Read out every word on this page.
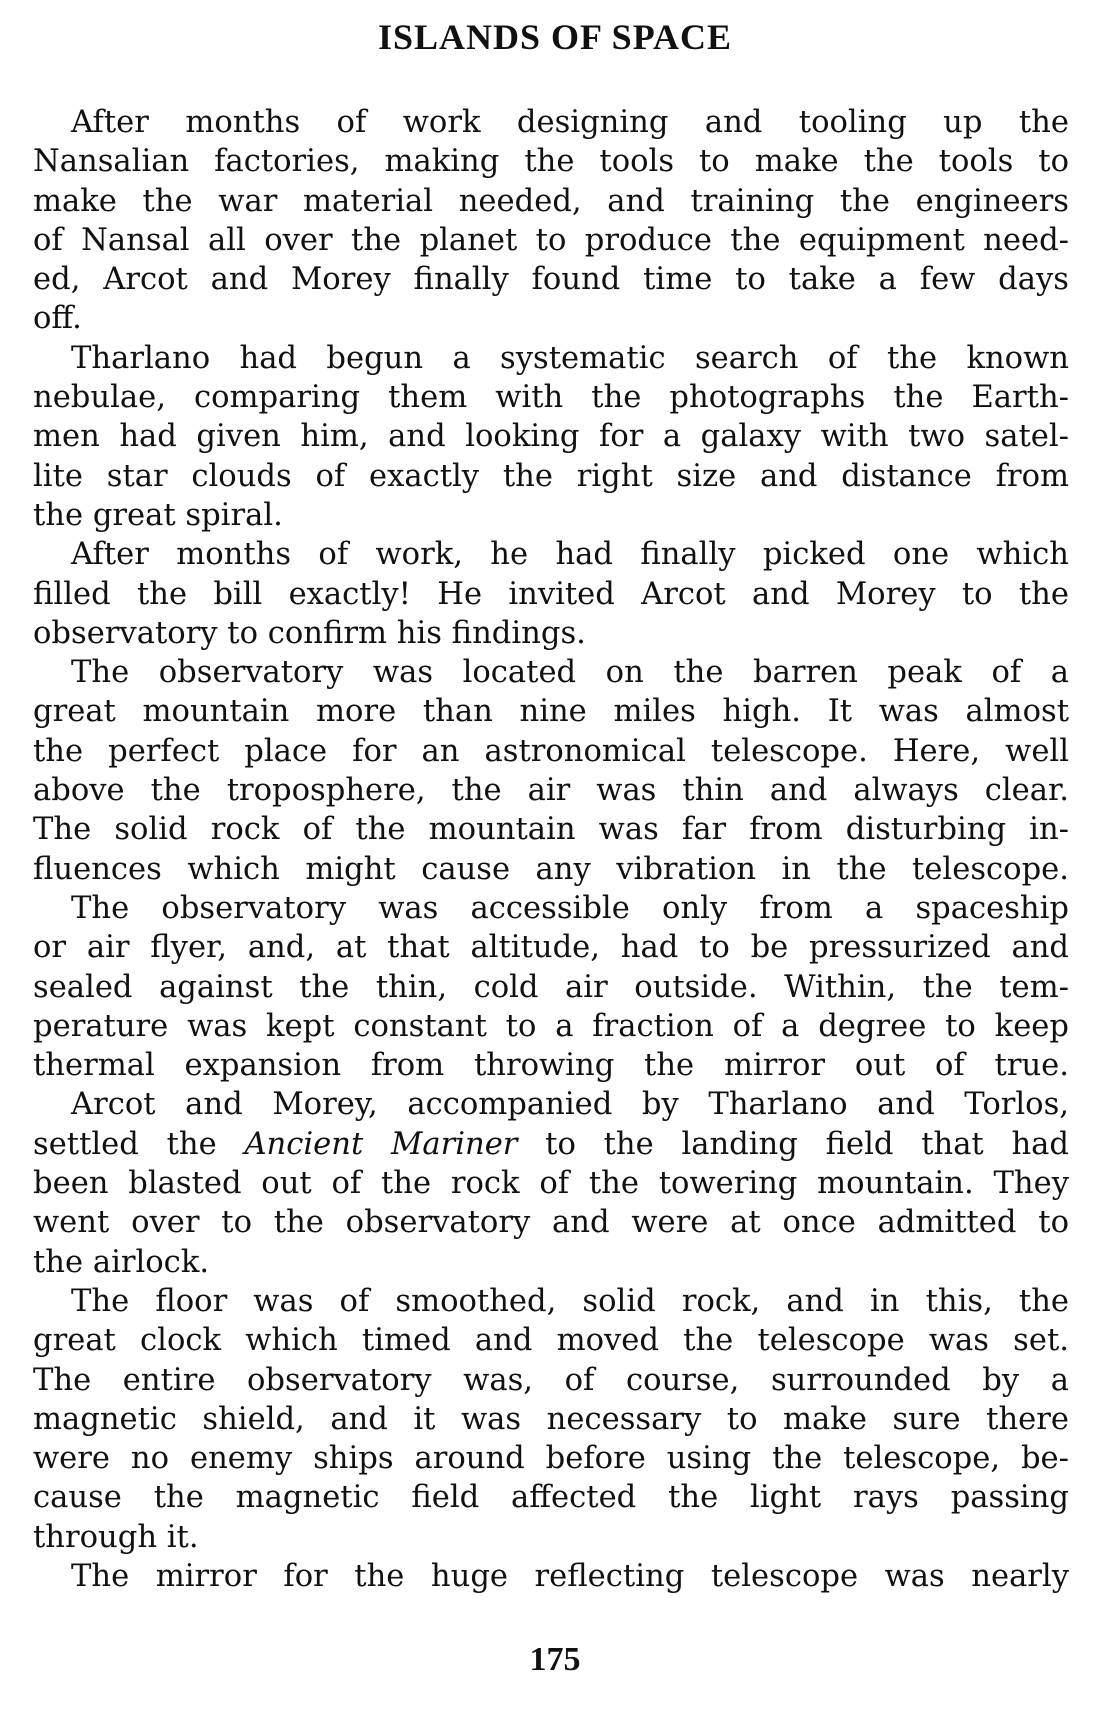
ISLANDS OF SPACE

After months of work designing and tooling up the
Nansalian factories, making the tools to make the tools to
make the war material needed, and training the engineers
of Nansal all over the planet to produce the equipment need-
ed, Arcot and Morey finally found time to take a few days
off.

Tharlano had begun a systematic search of the known
nebulae, comparing them with the photographs the Earth-
men had given him, and looking for a galaxy with two satel-
lite star clouds of exactly the right size and distance from
the great spiral.

After months of work, he had finally picked one which
filled the bill exactly! He invited Arcot and Morey to the
observatory to confirm his findings.

The observatory was located on the barren peak of a
great mountain more than nine miles high. It was almost
the perfect place for an astronomical telescope. Here, well
above the troposphere, the air was thin and always clear.
The solid rock of the mountain was far from disturbing in-
fluences which might cause any vibration in the telescope.

The observatory was accessible only from a spaceship
or air flyer, and, at that altitude, had to be pressurized and
sealed against the thin, cold air outside. Within, the tem-
perature was kept constant to a fraction of a degree to keep
thermal expansion from throwing the mirror out of true.

Arcot and Morey, accompanied by Tharlano and Torlos,
settled the Ancient Mariner to the landing field that had
been blasted out of the rock of the towering mountain. They
went over to the observatory and were at once admitted to
the airlock.

The floor was of smoothed, solid rock, and in this, the
great clock which timed and moved the telescope was set.
The entire observatory was, of course, surrounded by a
magnetic shield, and it was necessary to make sure there
were no enemy ships around before using the telescope, be-
cause the magnetic field affected the light rays passing
through it.

The mirror for the huge reflecting telescope was nearly

175
